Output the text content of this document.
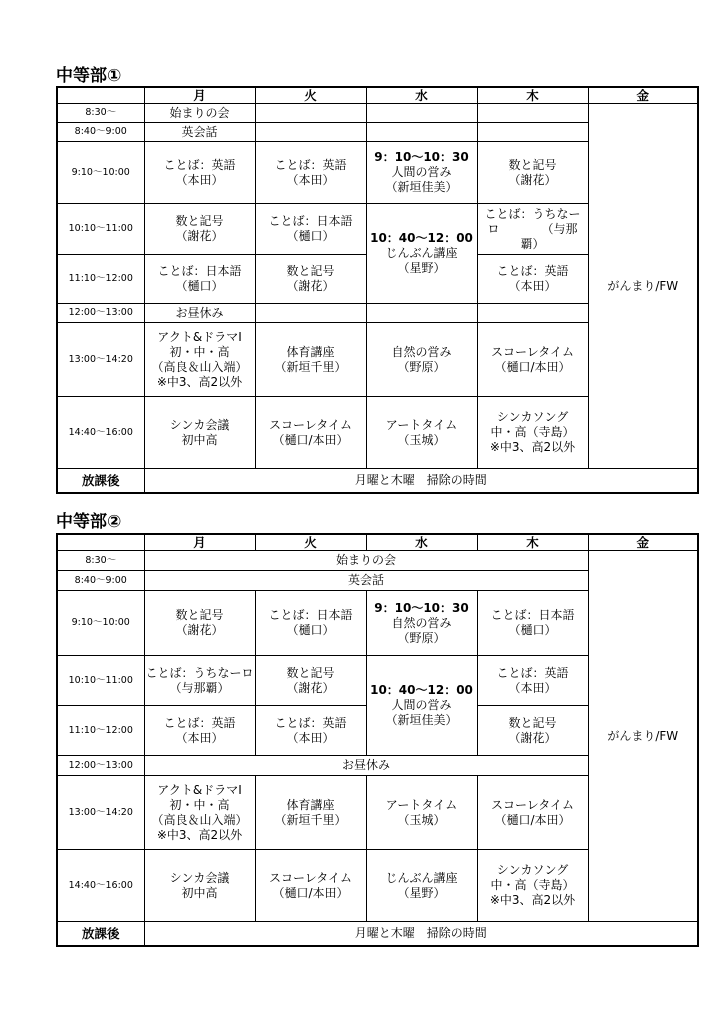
中等部①
	月	火	水	木	金
8:30～	始まりの会				がんまり/FW

8:40～9:00	英会話				

9:10～10:00	ことば：英語
（本田）	ことば：英語
（本田）	9：10～10：30
人間の営み
（新垣佳美）	数と記号
（謝花）	

10:10～11:00	数と記号
（謝花）	ことば：日本語
（樋口）	10：40～12：00
じんぶん講座
（星野）	ことば：うちなー
ロ　　　　（与那
覇）	

11:10～12:00	ことば：日本語
（樋口）	数と記号
（謝花）		ことば：英語
（本田）	

12:00～13:00	お昼休み				

13:00～14:20	アクト&ドラマⅠ
初・中・高
（高良＆山入端）
※中3、高2以外	体育講座
（新垣千里）	自然の営み
（野原）	スコーレタイム
（樋口/本田）	

14:40～16:00	シンカ会議
初中高	スコーレタイム
（樋口/本田）	アートタイム
（玉城）	シンカソング
中・高（寺島）
※中3、高2以外	

放課後	月曜と木曜　掃除の時間				
中等部②
	月	火	水	木	金
8:30～	始まりの会				がんまり/FW

8:40～9:00	英会話				

9:10～10:00	数と記号
（謝花）	ことば：日本語
（樋口）	9：10～10：30
自然の営み
（野原）	ことば：日本語
（樋口）	

10:10～11:00	ことば：うちなーロ
（与那覇）	数と記号
（謝花）	10：40～12：00
人間の営み
（新垣佳美）	ことば：英語
（本田）	

11:10～12:00	ことば：英語
（本田）	ことば：英語
（本田）		数と記号
（謝花）	

12:00～13:00	お昼休み				

13:00～14:20	アクト&ドラマⅠ
初・中・高
（高良＆山入端）
※中3、高2以外	体育講座
（新垣千里）	アートタイム
（玉城）	スコーレタイム
（樋口/本田）	

14:40～16:00	シンカ会議
初中高	スコーレタイム
（樋口/本田）	じんぶん講座
（星野）	シンカソング
中・高（寺島）
※中3、高2以外	

放課後	月曜と木曜　掃除の時間				
